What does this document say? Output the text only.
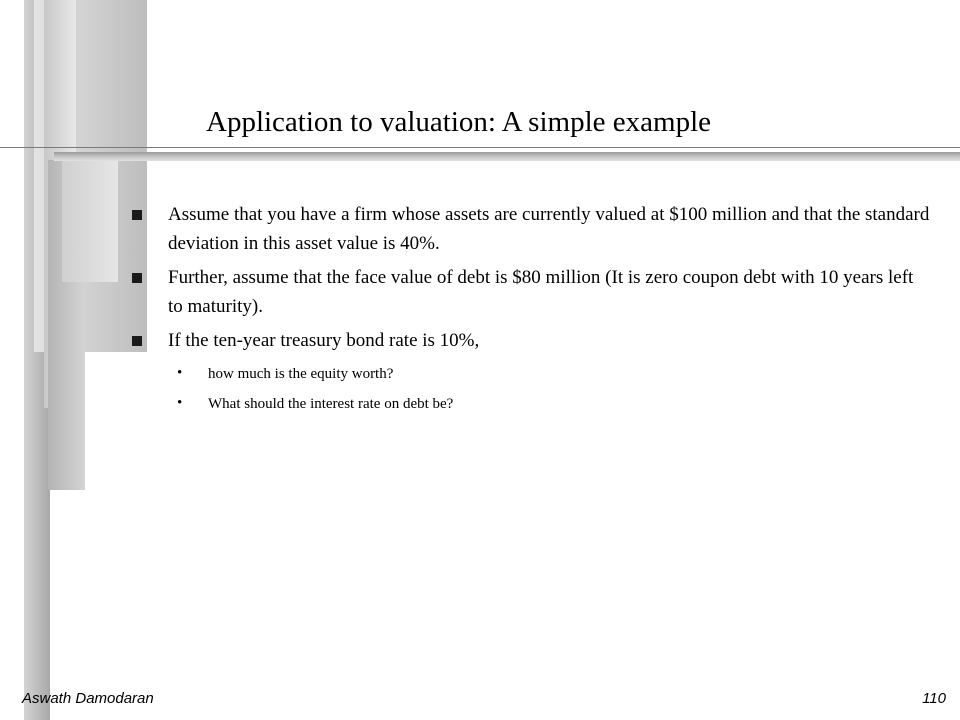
Application to valuation: A simple example
Assume that you have a firm whose assets are currently valued at $100 million and that the standard deviation in this asset value is 40%.
Further, assume that the face value of debt is $80 million (It is zero coupon debt with 10 years left to maturity).
If the ten-year treasury bond rate is 10%,
• how much is the equity worth?
• What should the interest rate on debt be?
Aswath Damodaran	110
